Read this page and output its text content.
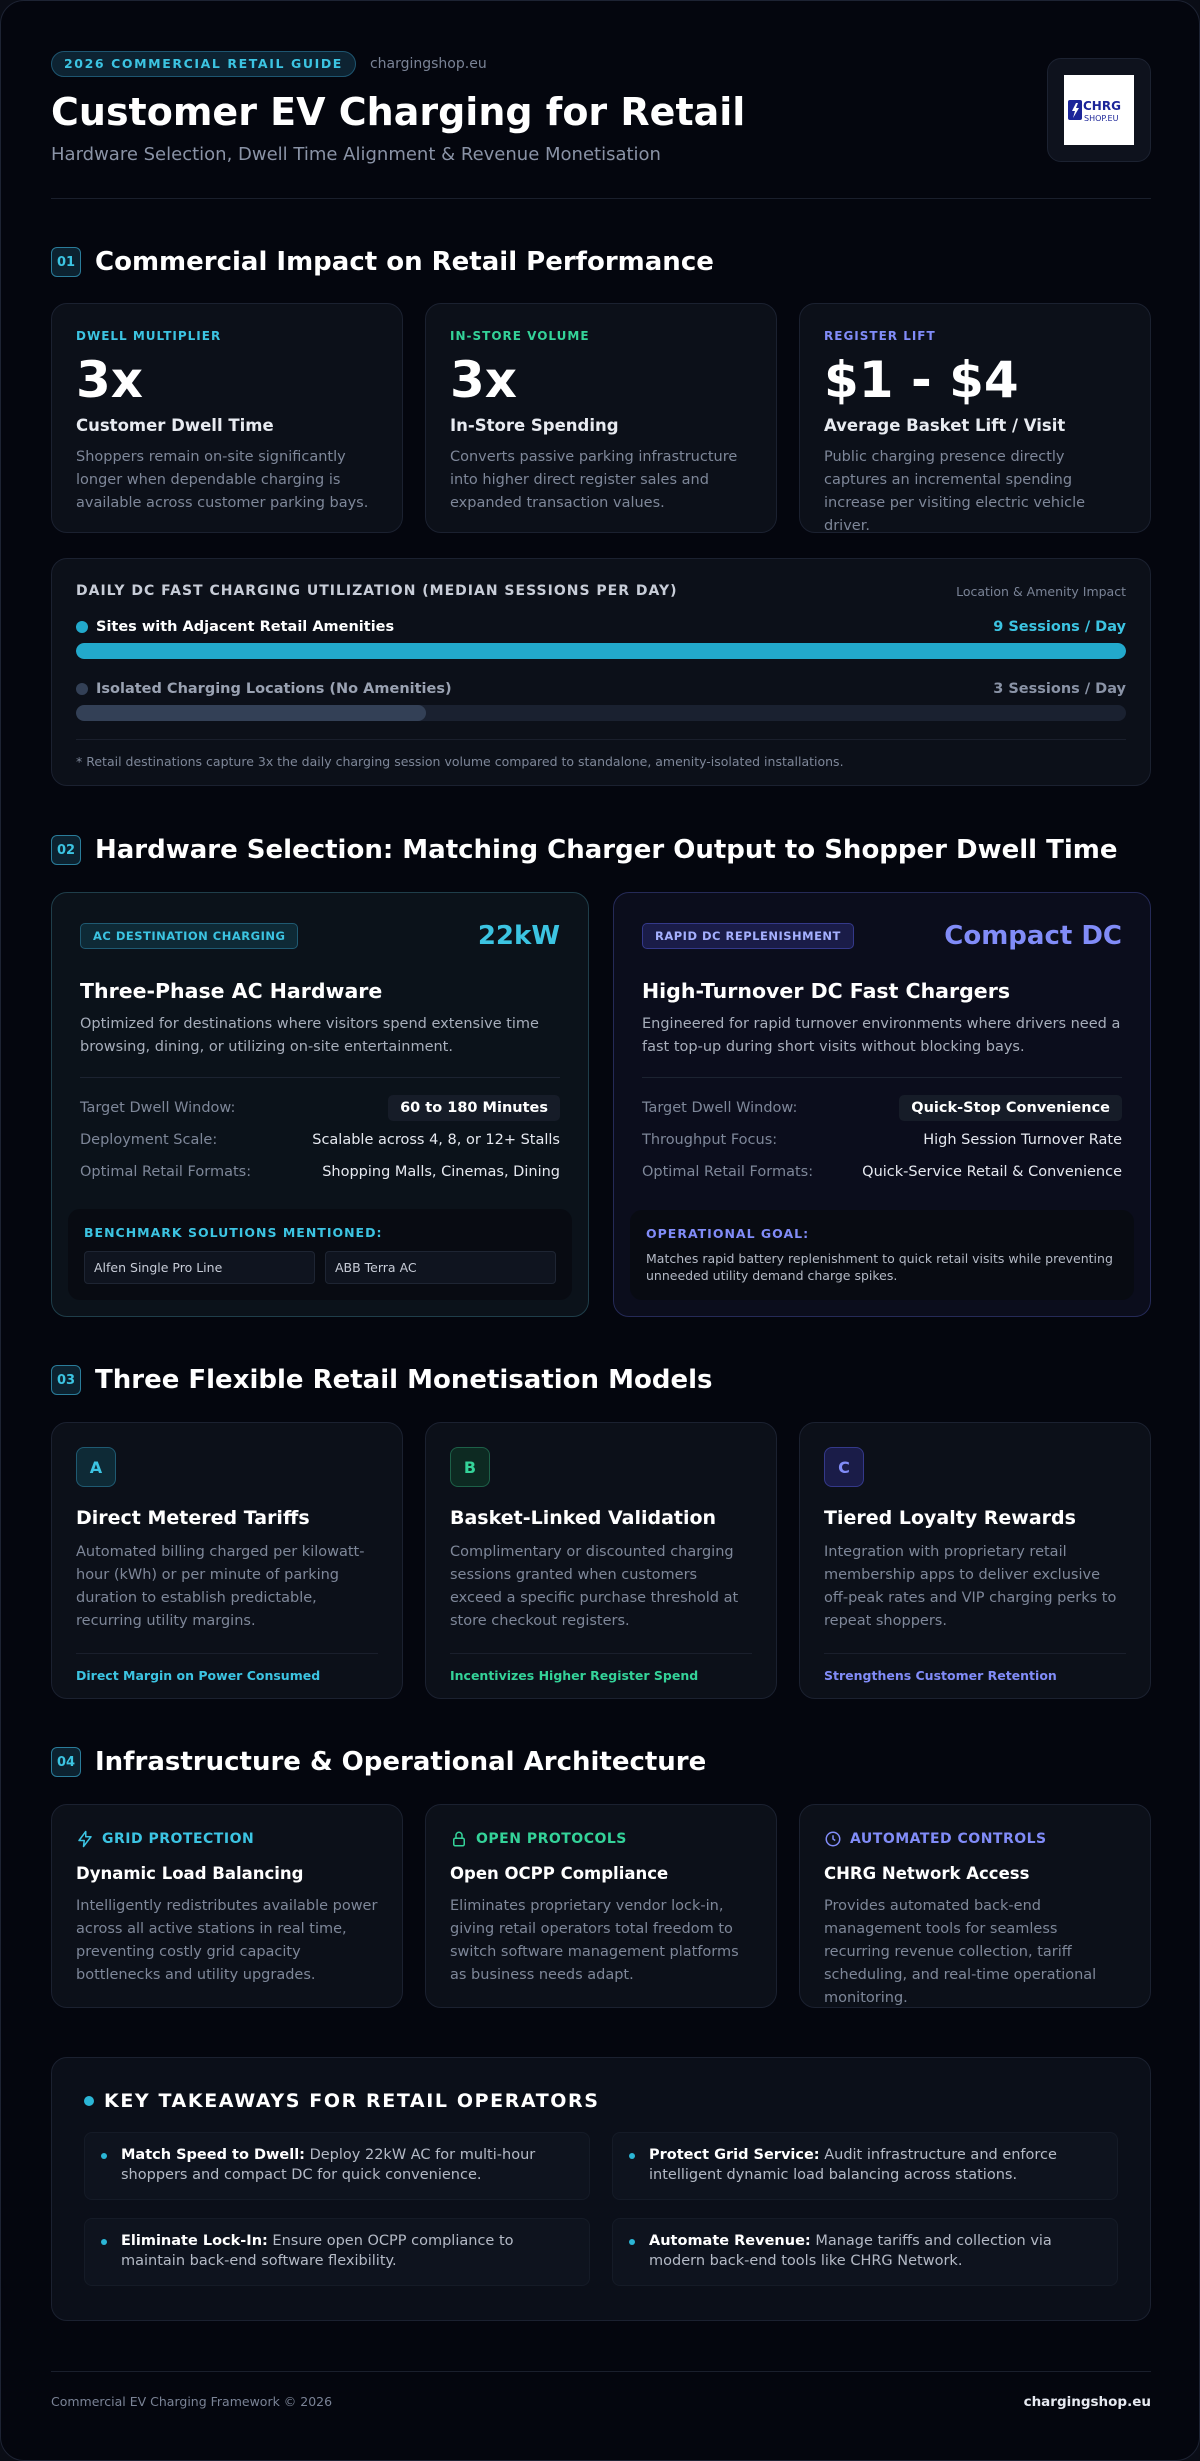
2026 COMMERCIAL RETAIL GUIDE	chargingshop.eu
Customer EV Charging for Retail
Hardware Selection, Dwell Time Alignment & Revenue Monetisation
CHRG
SHOP.EU
01 Commercial Impact on Retail Performance
DWELL MULTIPLIER
3x
Customer Dwell Time
Shoppers remain on-site significantly longer when dependable charging is available across customer parking bays.
IN-STORE VOLUME
3x
In-Store Spending
Converts passive parking infrastructure into higher direct register sales and expanded transaction values.
REGISTER LIFT
$1 - $4
Average Basket Lift / Visit
Public charging presence directly captures an incremental spending increase per visiting electric vehicle driver.
DAILY DC FAST CHARGING UTILIZATION (MEDIAN SESSIONS PER DAY)	Location & Amenity Impact
Sites with Adjacent Retail Amenities	9 Sessions / Day
Isolated Charging Locations (No Amenities)	3 Sessions / Day
* Retail destinations capture 3x the daily charging session volume compared to standalone, amenity-isolated installations.
02 Hardware Selection: Matching Charger Output to Shopper Dwell Time
AC DESTINATION CHARGING	22kW
Three-Phase AC Hardware
Optimized for destinations where visitors spend extensive time browsing, dining, or utilizing on-site entertainment.
Target Dwell Window:	60 to 180 Minutes
Deployment Scale:	Scalable across 4, 8, or 12+ Stalls
Optimal Retail Formats:	Shopping Malls, Cinemas, Dining
BENCHMARK SOLUTIONS MENTIONED:
Alfen Single Pro Line	ABB Terra AC
RAPID DC REPLENISHMENT	Compact DC
High-Turnover DC Fast Chargers
Engineered for rapid turnover environments where drivers need a fast top-up during short visits without blocking bays.
Target Dwell Window:	Quick-Stop Convenience
Throughput Focus:	High Session Turnover Rate
Optimal Retail Formats:	Quick-Service Retail & Convenience
OPERATIONAL GOAL:
Matches rapid battery replenishment to quick retail visits while preventing unneeded utility demand charge spikes.
03 Three Flexible Retail Monetisation Models
A
Direct Metered Tariffs
Automated billing charged per kilowatt-hour (kWh) or per minute of parking duration to establish predictable, recurring utility margins.
Direct Margin on Power Consumed
B
Basket-Linked Validation
Complimentary or discounted charging sessions granted when customers exceed a specific purchase threshold at store checkout registers.
Incentivizes Higher Register Spend
C
Tiered Loyalty Rewards
Integration with proprietary retail membership apps to deliver exclusive off-peak rates and VIP charging perks to repeat shoppers.
Strengthens Customer Retention
04 Infrastructure & Operational Architecture
GRID PROTECTION
Dynamic Load Balancing
Intelligently redistributes available power across all active stations in real time, preventing costly grid capacity bottlenecks and utility upgrades.
OPEN PROTOCOLS
Open OCPP Compliance
Eliminates proprietary vendor lock-in, giving retail operators total freedom to switch software management platforms as business needs adapt.
AUTOMATED CONTROLS
CHRG Network Access
Provides automated back-end management tools for seamless recurring revenue collection, tariff scheduling, and real-time operational monitoring.
KEY TAKEAWAYS FOR RETAIL OPERATORS
Match Speed to Dwell: Deploy 22kW AC for multi-hour shoppers and compact DC for quick convenience.
Protect Grid Service: Audit infrastructure and enforce intelligent dynamic load balancing across stations.
Eliminate Lock-In: Ensure open OCPP compliance to maintain back-end software flexibility.
Automate Revenue: Manage tariffs and collection via modern back-end tools like CHRG Network.
Commercial EV Charging Framework © 2026	chargingshop.eu
